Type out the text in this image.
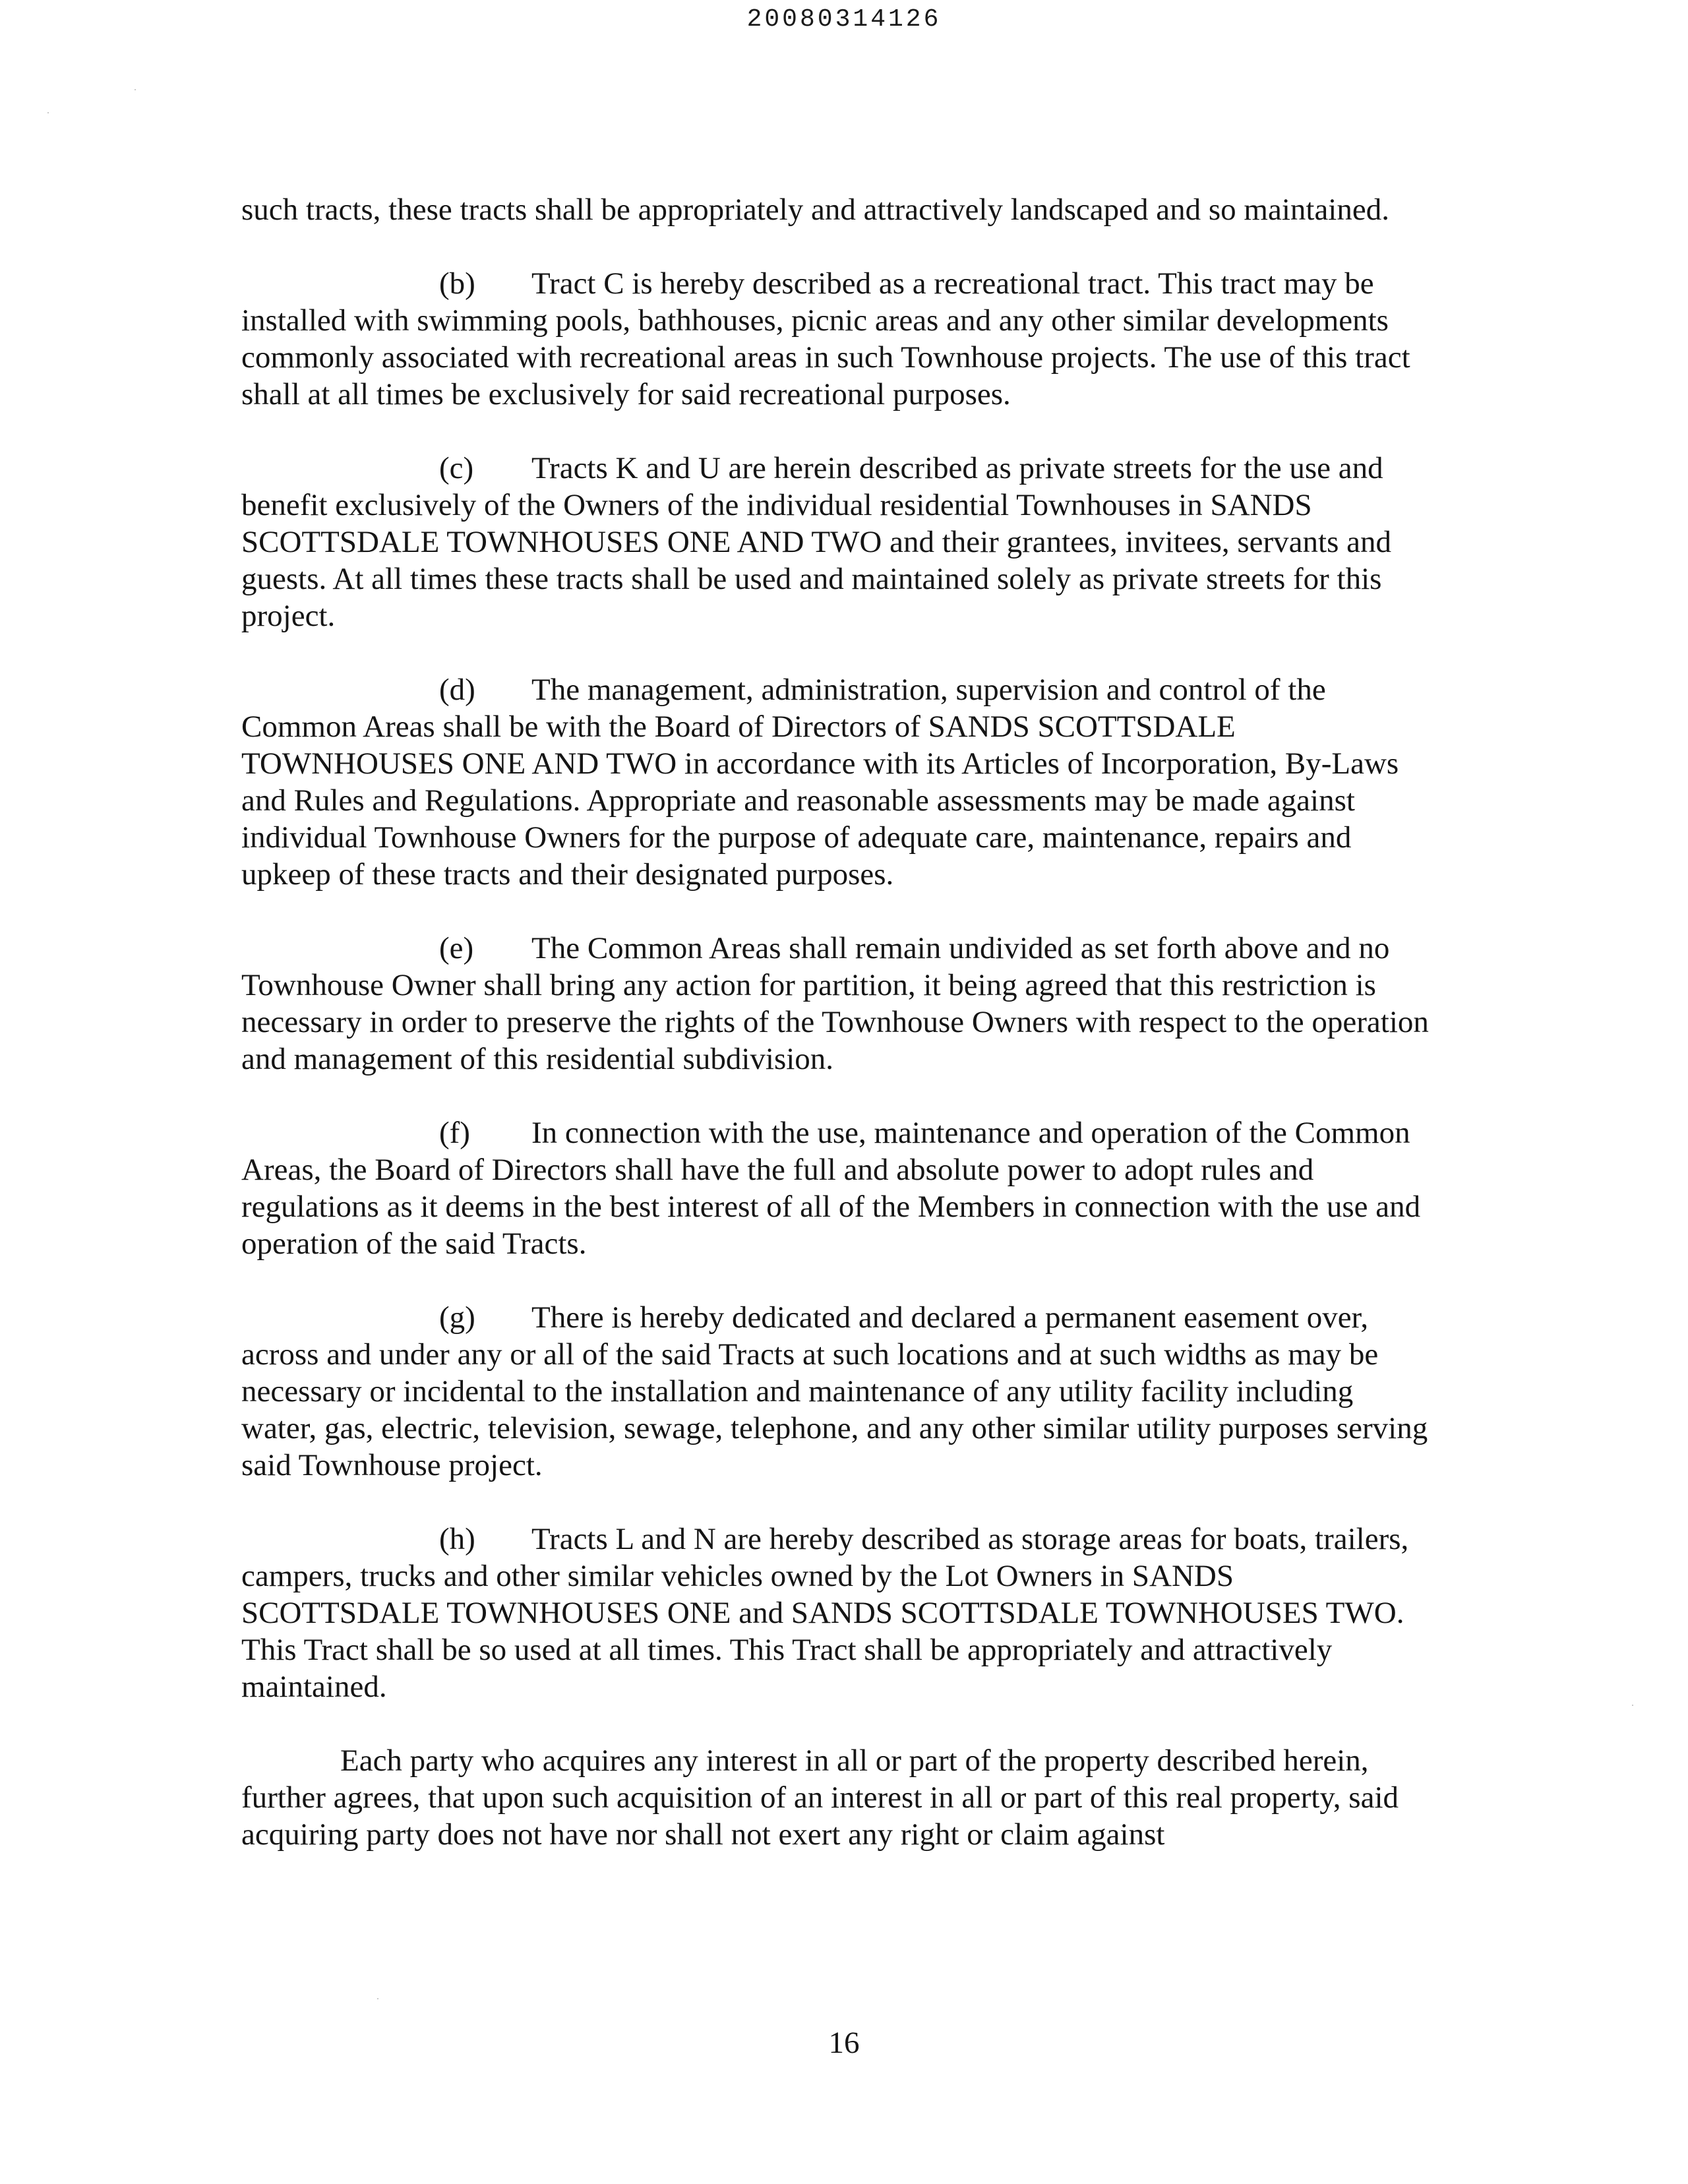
20080314126

such tracts, these tracts shall be appropriately and attractively landscaped and so maintained.

(b) Tract C is hereby described as a recreational tract. This tract may be installed with swimming pools, bathhouses, picnic areas and any other similar developments commonly associated with recreational areas in such Townhouse projects. The use of this tract shall at all times be exclusively for said recreational purposes.

(c) Tracts K and U are herein described as private streets for the use and benefit exclusively of the Owners of the individual residential Townhouses in SANDS SCOTTSDALE TOWNHOUSES ONE AND TWO and their grantees, invitees, servants and guests. At all times these tracts shall be used and maintained solely as private streets for this project.

(d) The management, administration, supervision and control of the Common Areas shall be with the Board of Directors of SANDS SCOTTSDALE TOWNHOUSES ONE AND TWO in accordance with its Articles of Incorporation, By-Laws and Rules and Regulations. Appropriate and reasonable assessments may be made against individual Townhouse Owners for the purpose of adequate care, maintenance, repairs and upkeep of these tracts and their designated purposes.

(e) The Common Areas shall remain undivided as set forth above and no Townhouse Owner shall bring any action for partition, it being agreed that this restriction is necessary in order to preserve the rights of the Townhouse Owners with respect to the operation and management of this residential subdivision.

(f) In connection with the use, maintenance and operation of the Common Areas, the Board of Directors shall have the full and absolute power to adopt rules and regulations as it deems in the best interest of all of the Members in connection with the use and operation of the said Tracts.

(g) There is hereby dedicated and declared a permanent easement over, across and under any or all of the said Tracts at such locations and at such widths as may be necessary or incidental to the installation and maintenance of any utility facility including water, gas, electric, television, sewage, telephone, and any other similar utility purposes serving said Townhouse project.

(h) Tracts L and N are hereby described as storage areas for boats, trailers, campers, trucks and other similar vehicles owned by the Lot Owners in SANDS SCOTTSDALE TOWNHOUSES ONE and SANDS SCOTTSDALE TOWNHOUSES TWO. This Tract shall be so used at all times. This Tract shall be appropriately and attractively maintained.

Each party who acquires any interest in all or part of the property described herein, further agrees, that upon such acquisition of an interest in all or part of this real property, said acquiring party does not have nor shall not exert any right or claim against

16
